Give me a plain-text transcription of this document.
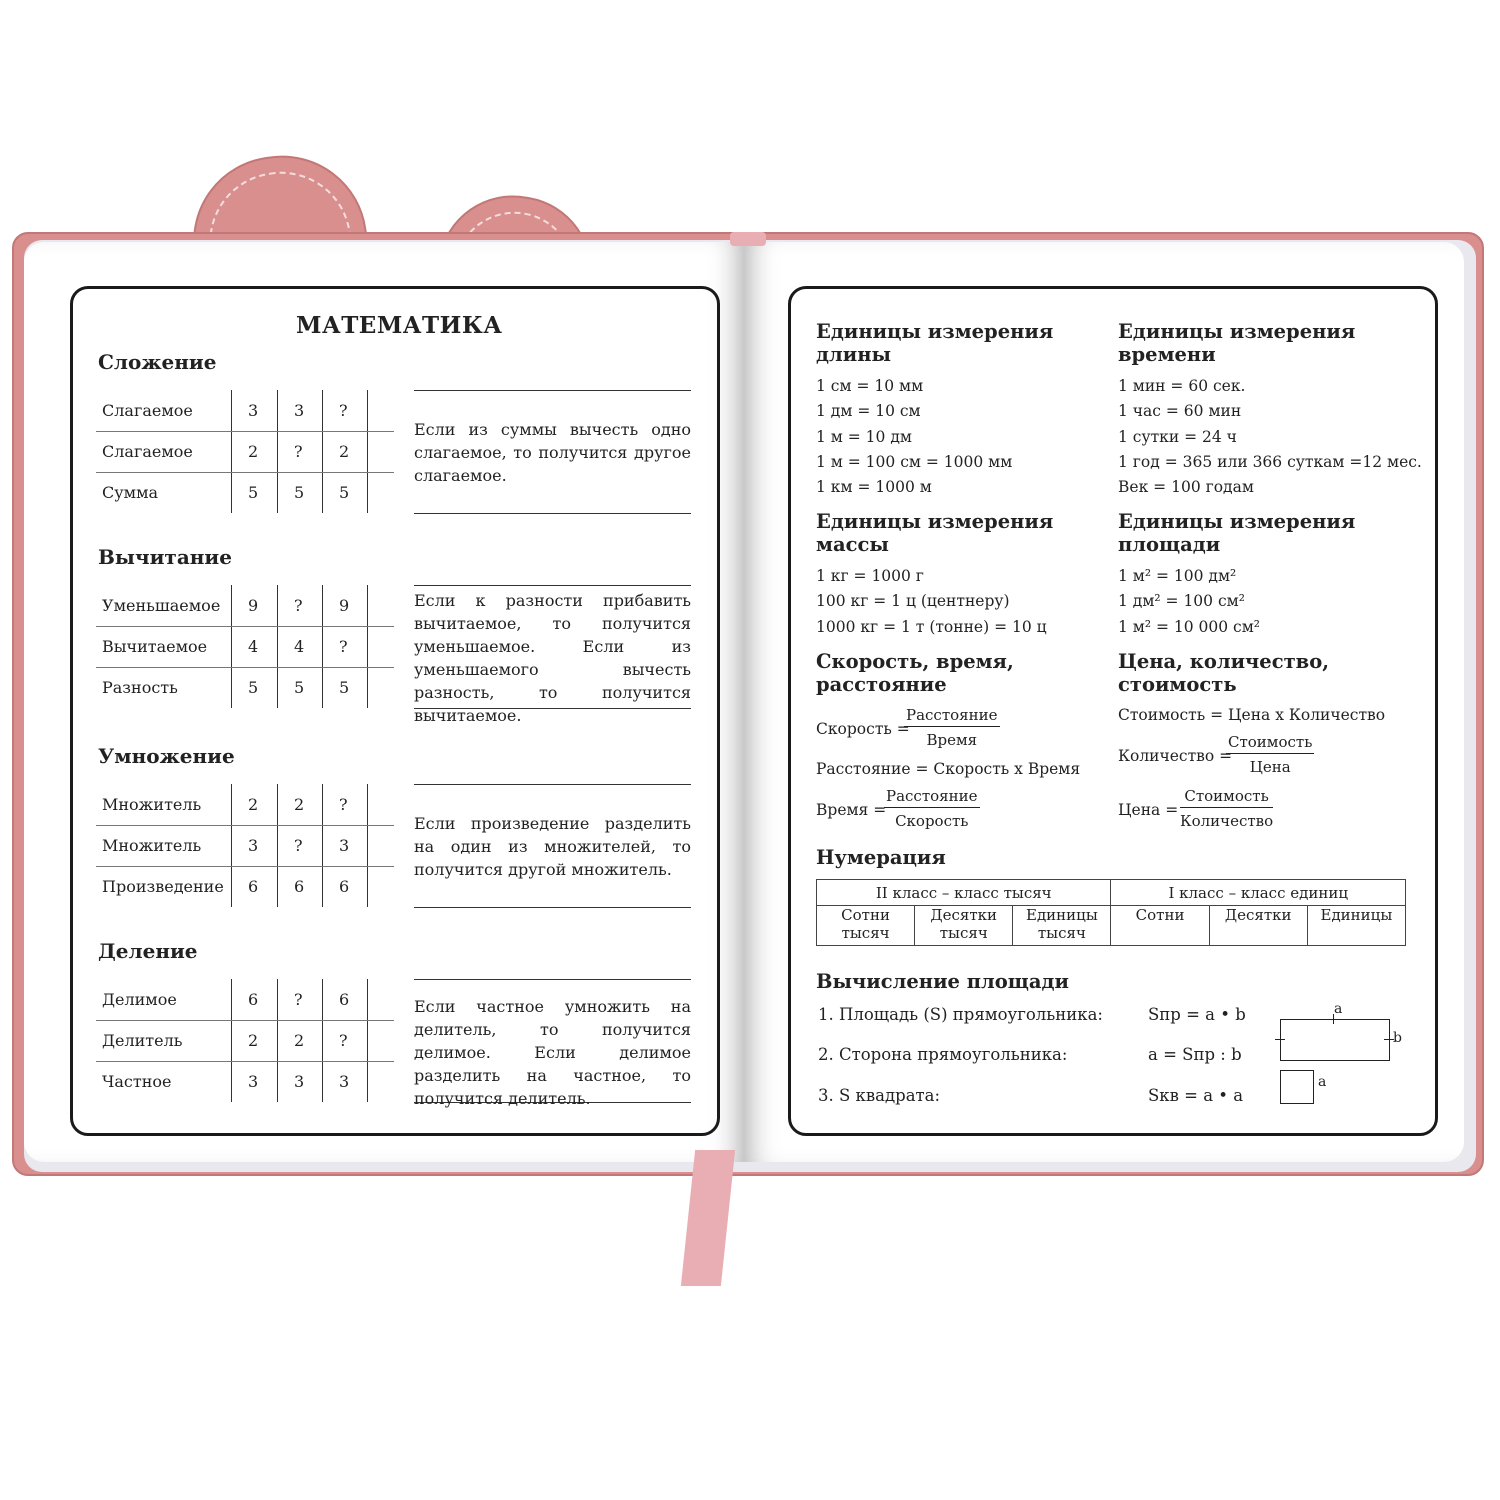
МАТЕМАТИКА
Сложение
Слагаемое	3 3 ?
Слагаемое	2 ? 2
Сумма	5 5 5
Если из суммы вычесть одно слагаемое, то получится другое слагаемое.
Вычитание
Уменьшаемое 9 ? 9
Вычитаемое	4 4 ?
Разность	5 5 5
Если к разности прибавить вычитаемое, то получится уменьшаемое. Если из уменьшаемого вычесть разность, то получится вычитаемое.
Умножение
Множитель	2 2 ?
Множитель	3 ? 3
Произведение 6 6 6
Если произведение разделить на один из множителей, то получится другой множитель.
Деление
Делимое	6 ? 6
Делитель	2 2 ?
Частное	3 3 3
Если частное умножить на делитель, то получится делимое. Если делимое разделить на частное, то получится делитель.
Единицы измерения длины
1 см = 10 мм
1 дм = 10 см
1 м = 10 дм
1 м = 100 см = 1000 мм
1 км = 1000 м
Единицы измерения времени
1 мин = 60 сек.
1 час = 60 мин
1 сутки = 24 ч
1 год = 365 или 366 суткам =12 мес.
Век = 100 годам
Единицы измерения массы
1 кг = 1000 г
100 кг = 1 ц (центнеру)
1000 кг = 1 т (тонне) = 10 ц
Единицы измерения площади
1 м² = 100 дм²
1 дм² = 100 см²
1 м² = 10 000 см²
Скорость, время, расстояние
Скорость =
Расстояние
Время
Расстояние = Скорость х Время
Время =
Расстояние
Скорость
Цена, количество, стоимость
Стоимость = Цена х Количество
Количество =
Стоимость
Цена
Цена =
Стоимость
Количество
Нумерация
II класс – класс тысяч			I класс – класс единиц		
Сотни тысяч	Десятки тысяч	Единицы тысяч	Сотни	Десятки	Единицы
Вычисление площади
1. Площадь (S) прямоугольника:	Sпр = a • b
2. Сторона прямоугольника:	a = Sпр : b
3. S квадрата:	Sкв = a • a
a
b
a
